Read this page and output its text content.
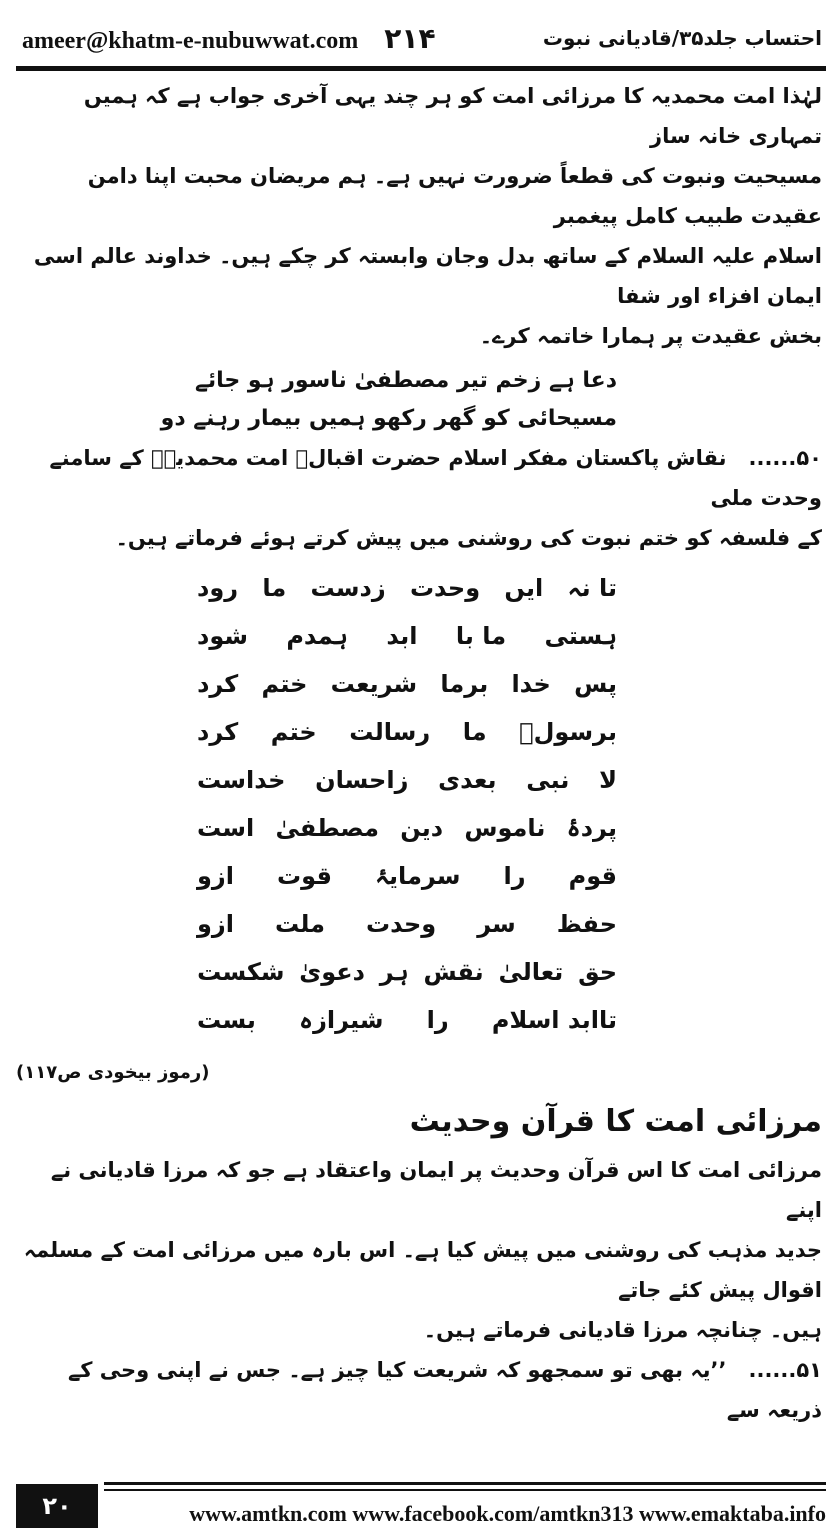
ameer@khatm-e-nubuwwat.com ۲۱۴	احتساب جلد۳۵/قادیانی نبوت

لہٰذا امت محمدیہ کا مرزائی امت کو ہر چند یہی آخری جواب ہے کہ ہمیں تمہاری خانہ ساز

مسیحیت ونبوت کی قطعاً ضرورت نہیں ہے۔ ہم مریضان محبت اپنا دامن عقیدت طبیب کامل پیغمبر

اسلام علیہ السلام کے ساتھ بدل وجان وابستہ کر چکے ہیں۔ خداوند عالم اسی ایمان افزاء اور شفا

بخش عقیدت پر ہمارا خاتمہ کرے۔

دعا ہے زخم تیر مصطفیٰ ناسور ہو جائے
مسیحائی کو گھر رکھو ہمیں بیمار رہنے دو

۵۰......نقاش پاکستان مفکر اسلام حضرت اقبالؒ امت محمدیہؐ کے سامنے وحدت ملی

کے فلسفہ کو ختم نبوت کی روشنی میں پیش کرتے ہوئے فرماتے ہیں۔

تا نہ
ایں
وحدت
زدست
ما
رود
ہستی
ما با
ابد
ہمدم
شود
پس
خدا
برما
شریعت
ختم
کرد
برسولؐ
ما
رسالت
ختم
کرد
لا
نبی
بعدی
زاحسان
خداست
پردۂ
ناموس
دین
مصطفیٰ
است
قوم
را
سرمایۂ
قوت
ازو
حفظ
سر
وحدت
ملت
ازو
حق
تعالیٰ
نقش
ہر
دعویٰ
شکست
تاابد اسلام
را
شیرازہ
بست
(رموز بیخودی ص۱۱۷)
مرزائی امت کا قرآن وحدیث

مرزائی امت کا اس قرآن وحدیث پر ایمان واعتقاد ہے جو کہ مرزا قادیانی نے اپنے

جدید مذہب کی روشنی میں پیش کیا ہے۔ اس بارہ میں مرزائی امت کے مسلمہ اقوال پیش کئے جاتے

ہیں۔ چنانچہ مرزا قادیانی فرماتے ہیں۔

۵۱......’’یہ بھی تو سمجھو کہ شریعت کیا چیز ہے۔ جس نے اپنی وحی کے ذریعہ سے

۲۰	www.amtkn.com www.facebook.com/amtkn313 www.emaktaba.info
